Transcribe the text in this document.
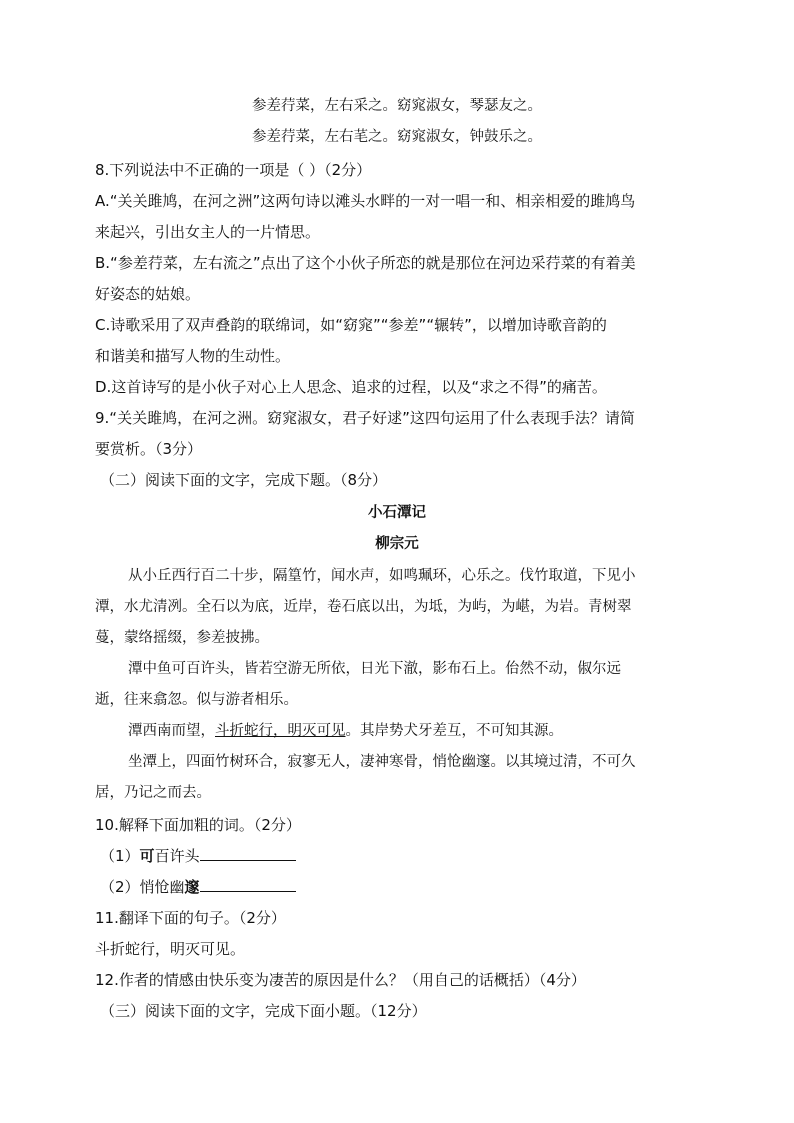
参差荇菜，左右采之。窈窕淑女，琴瑟友之。
参差荇菜，左右芼之。窈窕淑女，钟鼓乐之。
8.下列说法中不正确的一项是（ ）（2分）
A.“关关雎鸠，在河之洲”这两句诗以滩头水畔的一对一唱一和、相亲相爱的雎鸠鸟
来起兴，引出女主人的一片情思。
B.“参差荇菜，左右流之”点出了这个小伙子所恋的就是那位在河边采荇菜的有着美
好姿态的姑娘。
C.诗歌采用了双声叠韵的联绵词，如“窈窕”“参差”“辗转”，以增加诗歌音韵的
和谐美和描写人物的生动性。
D.这首诗写的是小伙子对心上人思念、追求的过程，以及“求之不得”的痛苦。
9.“关关雎鸠，在河之洲。窈窕淑女，君子好逑”这四句运用了什么表现手法？请简
要赏析。（3分）
（二）阅读下面的文字，完成下题。（8分）
小石潭记
柳宗元
从小丘西行百二十步，隔篁竹，闻水声，如鸣珮环，心乐之。伐竹取道，下见小
潭，水尤清冽。全石以为底，近岸，卷石底以出，为坻，为屿，为嵁，为岩。青树翠
蔓，蒙络摇缀，参差披拂。
潭中鱼可百许头，皆若空游无所依，日光下澈，影布石上。佁然不动，俶尔远
逝，往来翕忽。似与游者相乐。
潭西南而望，斗折蛇行，明灭可见。其岸势犬牙差互，不可知其源。
坐潭上，四面竹树环合，寂寥无人，凄神寒骨，悄怆幽邃。以其境过清，不可久
居，乃记之而去。
10.解释下面加粗的词。（2分）
（1）可百许头
（2）悄怆幽邃
11.翻译下面的句子。（2分）
斗折蛇行，明灭可见。
12.作者的情感由快乐变为凄苦的原因是什么？（用自己的话概括）（4分）
（三）阅读下面的文字，完成下面小题。（12分）
